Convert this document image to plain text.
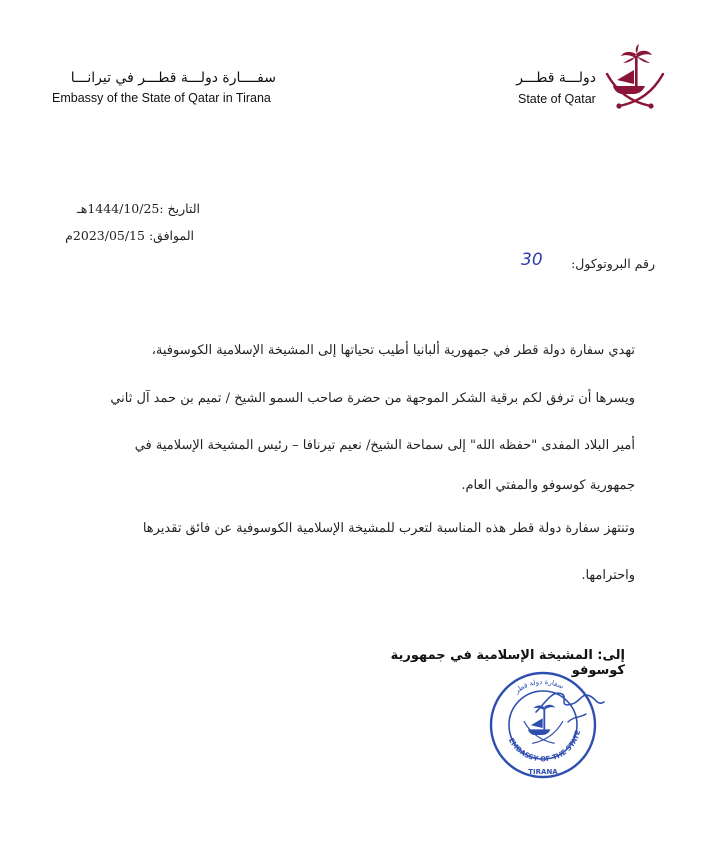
دولـــة قطـــر
State of Qatar
سفــــارة دولـــة قطـــر في تيرانـــا
Embassy of the State of Qatar in Tirana
التاريخ :1444/10/25هـ
الموافق: 2023/05/15م
رقم البروتوكول:
30
تهدي سفارة دولة قطر في جمهورية ألبانيا أطيب تحياتها إلى المشيخة الإسلامية الكوسوفية،
ويسرها أن ترفق لكم برقية الشكر الموجهة من حضرة صاحب السمو الشيخ / تميم بن حمد آل ثاني
أمير البلاد المفدى "حفظه الله" إلى سماحة الشيخ/ نعيم تيرنافا – رئيس المشيخة الإسلامية في
جمهورية كوسوفو والمفتي العام.
وتنتهز سفارة دولة قطر هذه المناسبة لتعرب للمشيخة الإسلامية الكوسوفية عن فائق تقديرها
واحترامها.
إلى: المشيخة الإسلامية في جمهورية كوسوفو
EMBASSY OF THE STATE
TIRANA
سفارة دولة قطر
